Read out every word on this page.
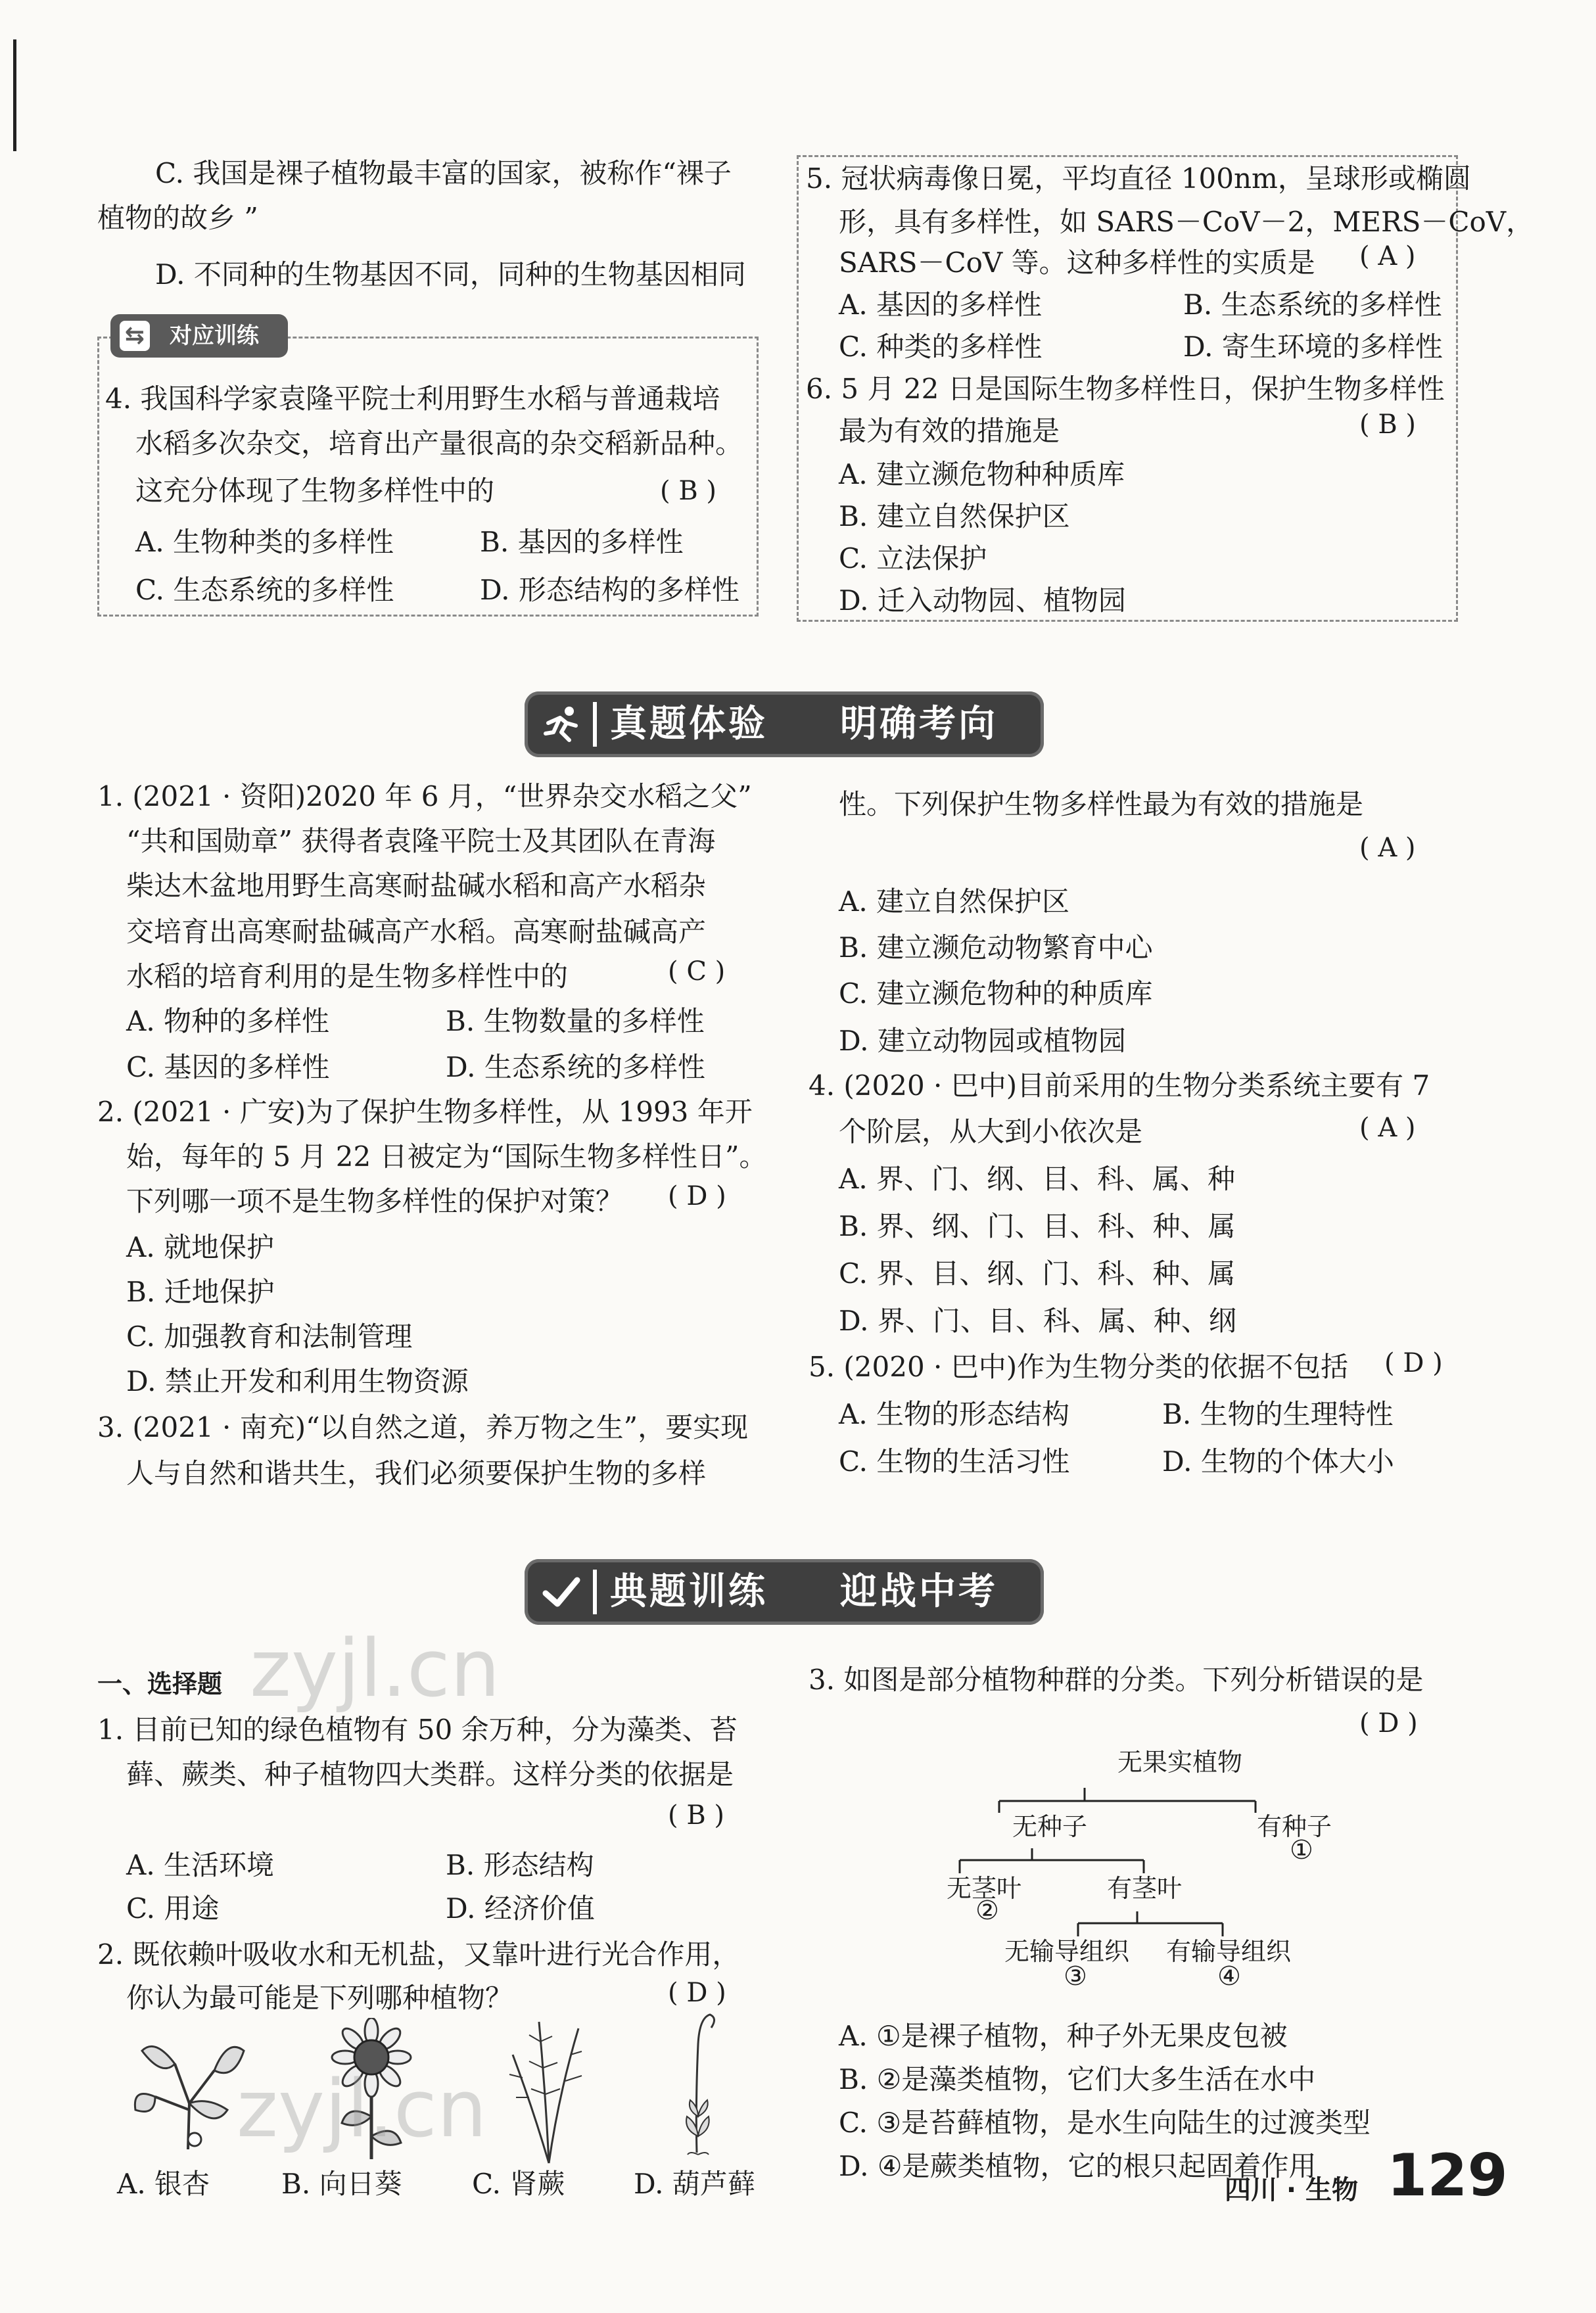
C. 我国是裸子植物最丰富的国家，被称作“裸子
植物的故乡 ”
D. 不同种的生物基因不同，同种的生物基因相同
⇆ 对应训练
4. 我国科学家袁隆平院士利用野生水稻与普通栽培
水稻多次杂交，培育出产量很高的杂交稻新品种。
这充分体现了生物多样性中的	( B )
A. 生物种类的多样性	B. 基因的多样性
C. 生态系统的多样性	D. 形态结构的多样性
5. 冠状病毒像日冕，平均直径 100nm，呈球形或椭圆
形，具有多样性，如 SARS－CoV－2，MERS－CoV，
SARS－CoV 等。这种多样性的实质是 ( A )
A. 基因的多样性	B. 生态系统的多样性
C. 种类的多样性	D. 寄生环境的多样性
6. 5 月 22 日是国际生物多样性日，保护生物多样性
最为有效的措施是	( B )
A. 建立濒危物种种质库
B. 建立自然保护区
C. 立法保护
D. 迁入动物园、植物园
真题体验 明确考向
1. (2021 · 资阳)2020 年 6 月，“世界杂交水稻之父”
“共和国勋章” 获得者袁隆平院士及其团队在青海
柴达木盆地用野生高寒耐盐碱水稻和高产水稻杂
交培育出高寒耐盐碱高产水稻。高寒耐盐碱高产
水稻的培育利用的是生物多样性中的	( C )
A. 物种的多样性	B. 生物数量的多样性
C. 基因的多样性	D. 生态系统的多样性
2. (2021 · 广安)为了保护生物多样性，从 1993 年开
始，每年的 5 月 22 日被定为“国际生物多样性日”。
下列哪一项不是生物多样性的保护对策？ ( D )
A. 就地保护
B. 迁地保护
C. 加强教育和法制管理
D. 禁止开发和利用生物资源
3. (2021 · 南充)“以自然之道，养万物之生”，要实现
人与自然和谐共生，我们必须要保护生物的多样
性。下列保护生物多样性最为有效的措施是
( A )
A. 建立自然保护区
B. 建立濒危动物繁育中心
C. 建立濒危物种的种质库
D. 建立动物园或植物园
4. (2020 · 巴中)目前采用的生物分类系统主要有 7
个阶层，从大到小依次是	( A )
A. 界、门、纲、目、科、属、种
B. 界、纲、门、目、科、种、属
C. 界、目、纲、门、科、种、属
D. 界、门、目、科、属、种、纲
5. (2020 · 巴中)作为生物分类的依据不包括 ( D )
A. 生物的形态结构	B. 生物的生理特性
C. 生物的生活习性	D. 生物的个体大小
典题训练 迎战中考
一、选择题
1. 目前已知的绿色植物有 50 余万种，分为藻类、苔
藓、蕨类、种子植物四大类群。这样分类的依据是
( B )
A. 生活环境	B. 形态结构
C. 用途	D. 经济价值
2. 既依赖叶吸收水和无机盐，又靠叶进行光合作用，
你认为最可能是下列哪种植物？	( D )
A. 银杏	B. 向日葵	C. 肾蕨 D. 葫芦藓
3. 如图是部分植物种群的分类。下列分析错误的是
( D )
无果实植物
无种子	有种子
①
无茎叶	有茎叶
②
无输导组织 有输导组织
③	④
A. ①是裸子植物，种子外无果皮包被
B. ②是藻类植物，它们大多生活在水中
C. ③是苔藓植物，是水生向陆生的过渡类型
D. ④是蕨类植物，它的根只起固着作用
zyjl.cn
zyjl.cn
四川 · 生物 129
